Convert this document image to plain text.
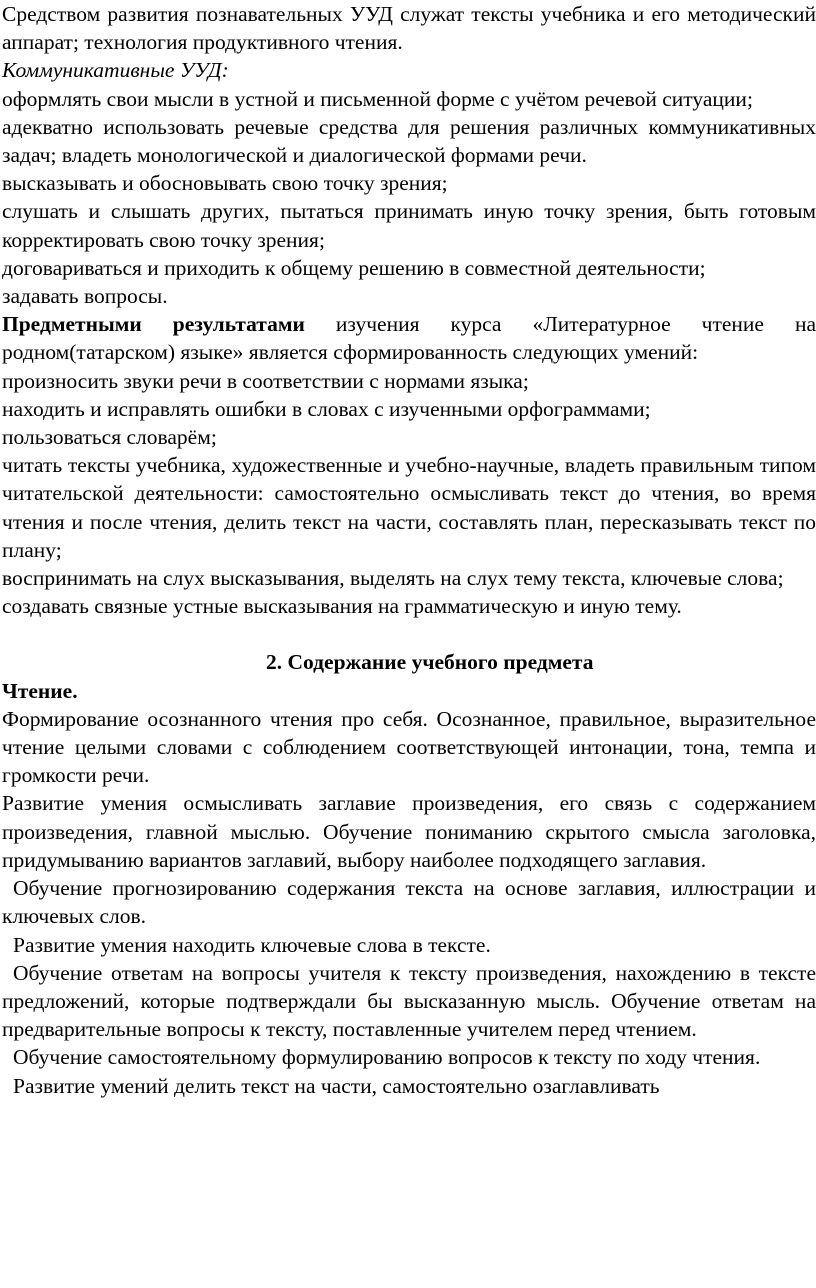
Средством развития познавательных УУД служат тексты учебника и его методический аппарат; технология продуктивного чтения.

Коммуникативные УУД:

оформлять свои мысли в устной и письменной форме с учётом речевой ситуации;

адекватно использовать речевые средства для решения различных коммуникативных задач; владеть монологической и диалогической формами речи.

высказывать и обосновывать свою точку зрения;

слушать и слышать других, пытаться принимать иную точку зрения, быть готовым корректировать свою точку зрения;

договариваться и приходить к общему решению в совместной деятельности;

задавать вопросы.

Предметными результатами изучения курса «Литературное чтение на родном(татарском) языке» является сформированность следующих умений:

произносить звуки речи в соответствии с нормами языка;

находить и исправлять ошибки в словах с изученными орфограммами;

пользоваться словарём;

читать тексты учебника, художественные и учебно-научные, владеть правильным типом читательской деятельности: самостоятельно осмысливать текст до чтения, во время чтения и после чтения, делить текст на части, составлять план, пересказывать текст по плану;

воспринимать на слух высказывания, выделять на слух тему текста, ключевые слова;

создавать связные устные высказывания на грамматическую и иную тему.

2. Содержание учебного предмета

Чтение.

Формирование осознанного чтения про себя. Осознанное, правильное, выразительное чтение целыми словами с соблюдением соответствующей интонации, тона, темпа и громкости речи.

Развитие умения осмысливать заглавие произведения, его связь с содержанием произведения, главной мыслью. Обучение пониманию скрытого смысла заголовка, придумыванию вариантов заглавий, выбору наиболее подходящего заглавия.

Обучение прогнозированию содержания текста на основе заглавия, иллюстрации и ключевых слов.

Развитие умения находить ключевые слова в тексте.

Обучение ответам на вопросы учителя к тексту произведения, нахождению в тексте предложений, которые подтверждали бы высказанную мысль. Обучение ответам на предварительные вопросы к тексту, поставленные учителем перед чтением.

Обучение самостоятельному формулированию вопросов к тексту по ходу чтения.

Развитие умений делить текст на части, самостоятельно озаглавливать
